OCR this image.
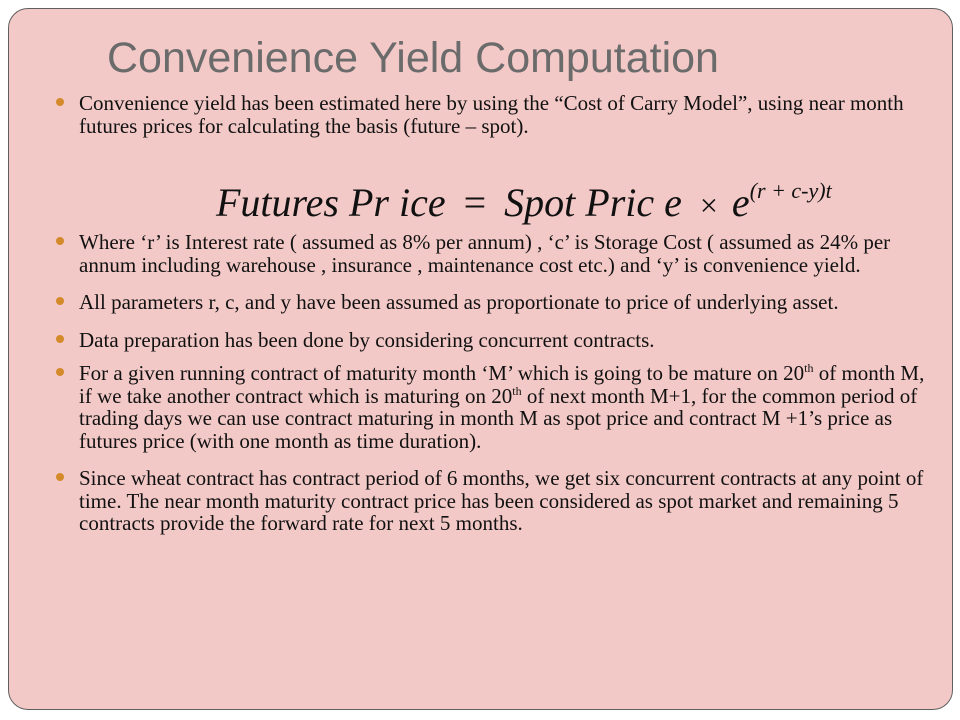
Convenience Yield Computation
Convenience yield has been estimated here by using the “Cost of Carry Model”, using near month futures prices for calculating the basis (future – spot).
Where ‘r’ is Interest rate ( assumed as 8% per annum) , ‘c’ is Storage Cost ( assumed as 24% per annum including warehouse , insurance , maintenance cost etc.) and ‘y’ is convenience yield.
All parameters r, c, and y have been assumed as proportionate to price of underlying asset.
Data preparation has been done by considering concurrent contracts.
For a given running contract of maturity month ‘M’ which is going to be mature on 20th of month M, if we take another contract which is maturing on 20th of next month M+1, for the common period of trading days we can use contract maturing in month M as spot price and contract M +1’s price as futures price (with one month as time duration).
Since wheat contract has contract period of 6 months, we get six concurrent contracts at any point of time. The near month maturity contract price has been considered as spot market and remaining 5 contracts provide the forward rate for next 5 months.
Futures Pr ice = Spot Pric $e \times e^{(r + c-y)t}$
